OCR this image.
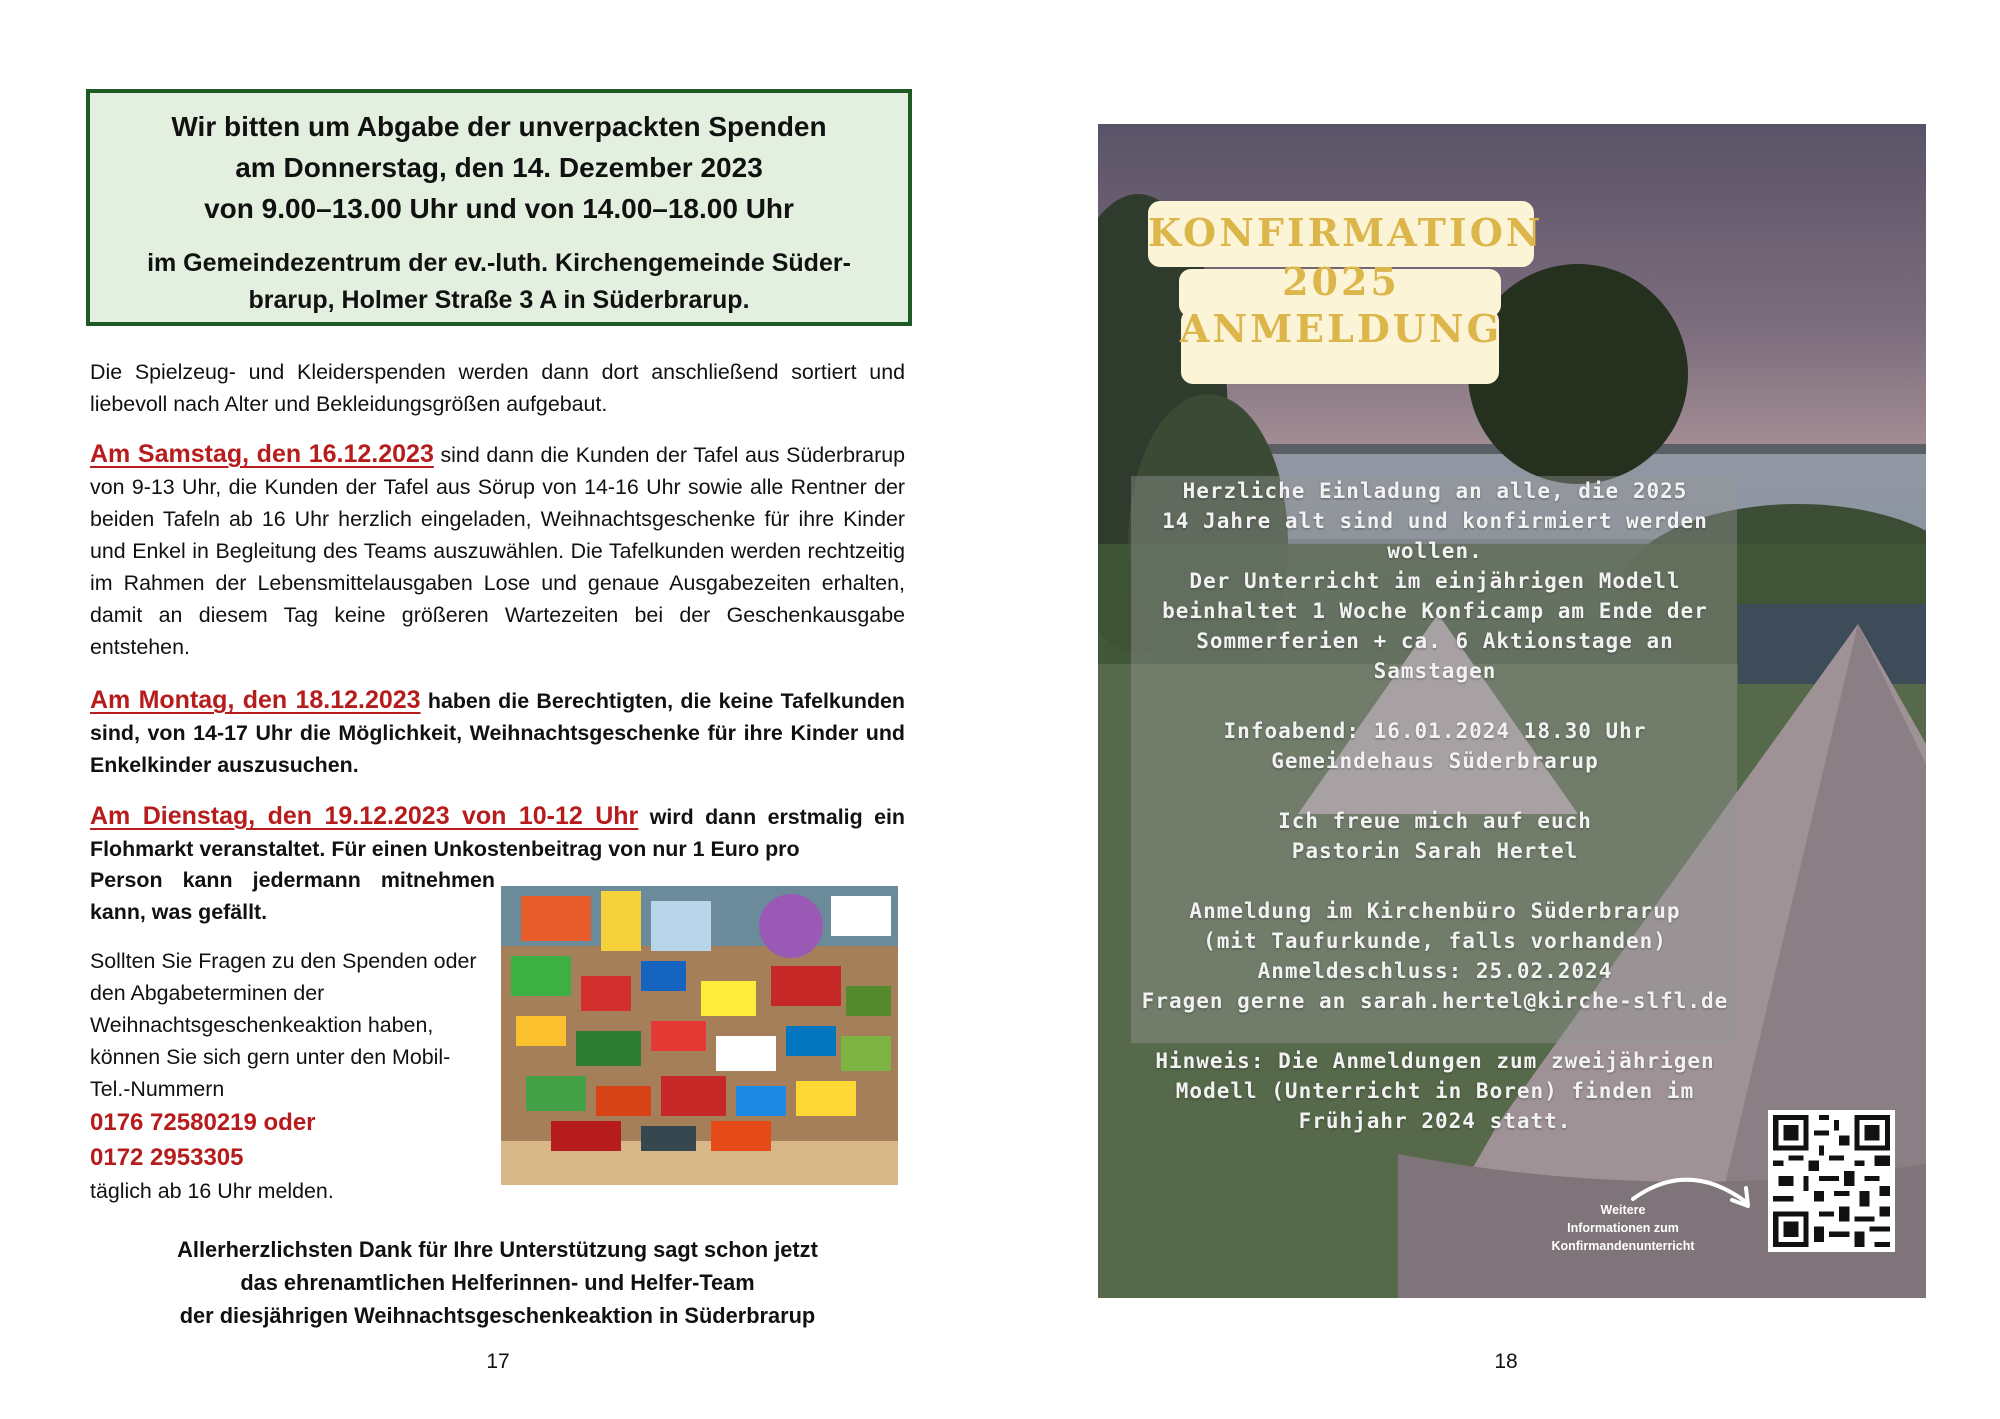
Wir bitten um Abgabe der unverpackten Spenden
am Donnerstag, den 14. Dezember 2023
von 9.00–13.00 Uhr und von 14.00–18.00 Uhr
im Gemeindezentrum der ev.-luth. Kirchengemeinde Süder-
brarup, Holmer Straße 3 A in Süderbrarup.
Die Spielzeug- und Kleiderspenden werden dann dort anschließend sortiert und liebevoll nach Alter und Bekleidungsgrößen aufgebaut.
Am Samstag, den 16.12.2023 sind dann die Kunden der Tafel aus Süderbrarup von 9-13 Uhr, die Kunden der Tafel aus Sörup von 14-16 Uhr sowie alle Rentner der beiden Tafeln ab 16 Uhr herzlich eingeladen, Weihnachtsgeschenke für ihre Kinder und Enkel in Begleitung des Teams auszuwählen. Die Tafelkunden werden rechtzeitig im Rahmen der Lebensmittelausgaben Lose und genaue Ausgabezeiten erhalten, damit an diesem Tag keine größeren Wartezeiten bei der Geschenkausgabe entstehen.
Am Montag, den 18.12.2023 haben die Berechtigten, die keine Tafelkunden sind, von 14-17 Uhr die Möglichkeit, Weihnachtsgeschenke für ihre Kinder und Enkelkinder auszusuchen.
Am Dienstag, den 19.12.2023 von 10-12 Uhr wird dann erstmalig ein Flohmarkt veranstaltet. Für einen Unkostenbeitrag von nur 1 Euro pro
Person kann jedermann mitnehmen kann, was gefällt.
Sollten Sie Fragen zu den Spenden oder den Abgabeterminen der Weihnachtsgeschenkeaktion haben, können Sie sich gern unter den Mobil-Tel.-Nummern
0176 72580219 oder
0172 2953305
täglich ab 16 Uhr melden.
Allerherzlichsten Dank für Ihre Unterstützung sagt schon jetzt
das ehrenamtlichen Helferinnen- und Helfer-Team
der diesjährigen Weihnachtsgeschenkeaktion in Süderbrarup
17	18
KONFIRMATION
2025
ANMELDUNG
Herzliche Einladung an alle, die 2025
14 Jahre alt sind und konfirmiert werden
wollen.
Der Unterricht im einjährigen Modell
beinhaltet 1 Woche Konficamp am Ende der
Sommerferien + ca. 6 Aktionstage an
Samstagen
Infoabend: 16.01.2024 18.30 Uhr
Gemeindehaus Süderbrarup
Ich freue mich auf euch
Pastorin Sarah Hertel
Anmeldung im Kirchenbüro Süderbrarup
(mit Taufurkunde, falls vorhanden)
Anmeldeschluss: 25.02.2024
Fragen gerne an sarah.hertel@kirche-slfl.de
Hinweis: Die Anmeldungen zum zweijährigen
Modell (Unterricht in Boren) finden im
Frühjahr 2024 statt.
Weitere
Informationen zum
Konfirmandenunterricht
